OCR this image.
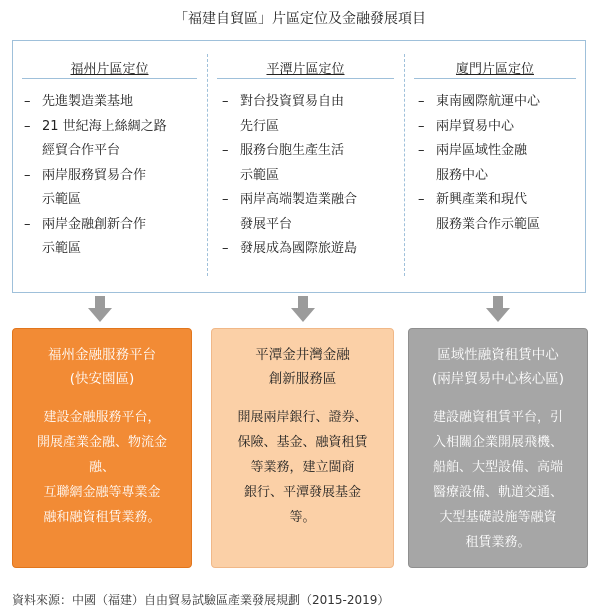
「福建自貿區」片區定位及金融發展項目
福州片區定位	平潭片區定位	廈門片區定位
– 先進製造業基地
– 21 世紀海上絲綢之路
經貿合作平台
– 兩岸服務貿易合作
示範區
– 兩岸金融創新合作
示範區
– 對台投資貿易自由
先行區
– 服務台胞生產生活
示範區
– 兩岸高端製造業融合
發展平台
– 發展成為國際旅遊島
– 東南國際航運中心
– 兩岸貿易中心
– 兩岸區域性金融
服務中心
– 新興產業和現代
服務業合作示範區
福州金融服務平台
(快安園區)
建設金融服務平台，
開展產業金融、物流金
融、
互聯網金融等專業金
融和融資租賃業務。
平潭金井灣金融
創新服務區
開展兩岸銀行、證券、
保險、基金、融資租賃
等業務，建立閩商
銀行、平潭發展基金
等。
區域性融資租賃中心
(兩岸貿易中心核心區)
建設融資租賃平台，引
入相關企業開展飛機、
船舶、大型設備、高端
醫療設備、軌道交通、
大型基礎設施等融資
租賃業務。
資料來源：中國（福建）自由貿易試驗區產業發展規劃（2015-2019）
